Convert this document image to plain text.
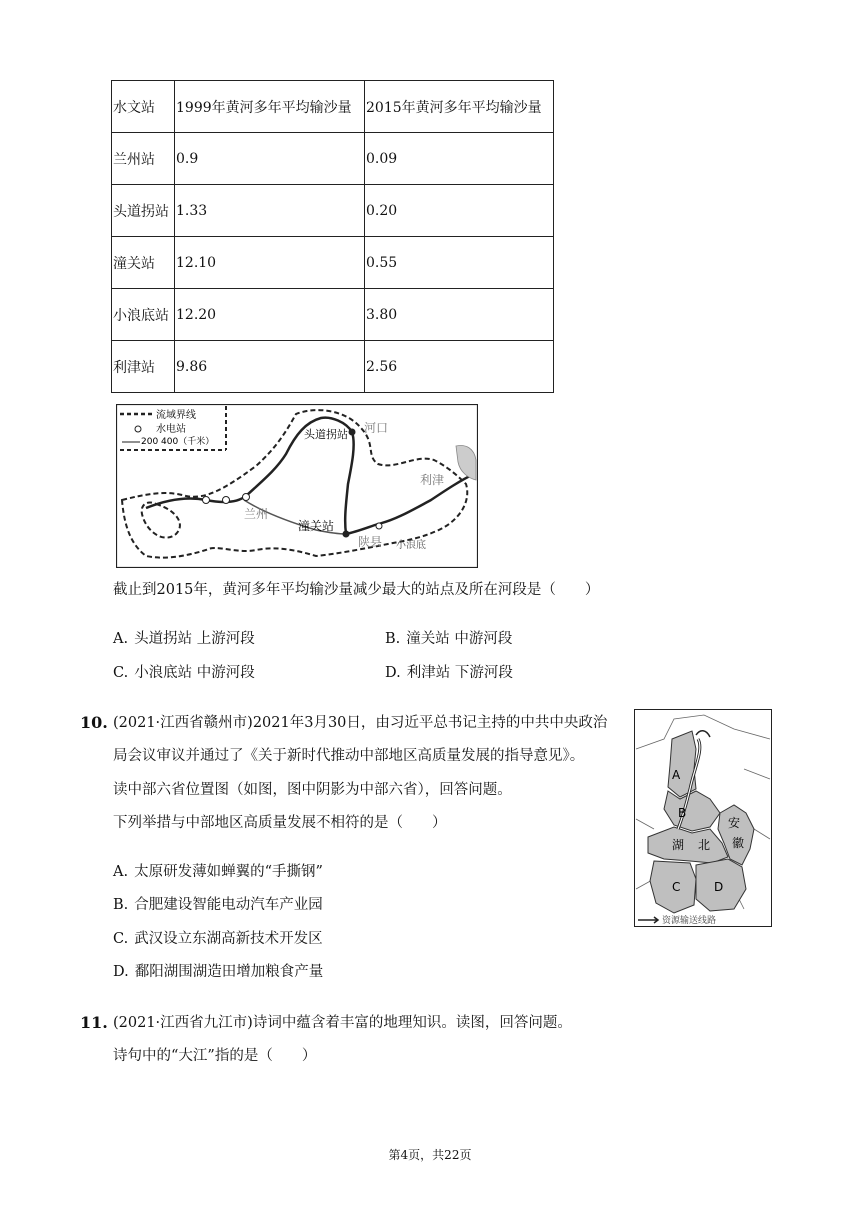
水文站	1999年黄河多年平均输沙量	2015年黄河多年平均输沙量
兰州站	0.9	0.09
头道拐站	1.33	0.20
潼关站	12.10	0.55
小浪底站	12.20	3.80
利津站	9.86	2.56
流域界线
水电站
200 400（千米）
头道拐站 河口
利津
兰州
潼关站
陕县 小浪底
截止到2015年，黄河多年平均输沙量减少最大的站点及所在河段是（　　）
A. 头道拐站 上游河段	B. 潼关站 中游河段
C. 小浪底站 中游河段	D. 利津站 下游河段
10. (2021·江西省赣州市)2021年3月30日，由习近平总书记主持的中共中央政治
局会议审议并通过了《关于新时代推动中部地区高质量发展的指导意见》。
读中部六省位置图（如图，图中阴影为中部六省），回答问题。
下列举措与中部地区高质量发展不相符的是（　　）
A. 太原研发薄如蝉翼的“手撕钢”
B. 合肥建设智能电动汽车产业园
C. 武汉设立东湖高新技术开发区
D. 鄱阳湖围湖造田增加粮食产量
A
B
安
徽
湖 北
C	D
资源输送线路
11. (2021·江西省九江市)诗词中蕴含着丰富的地理知识。读图，回答问题。
诗句中的“大江”指的是（　　）
第4页，共22页
